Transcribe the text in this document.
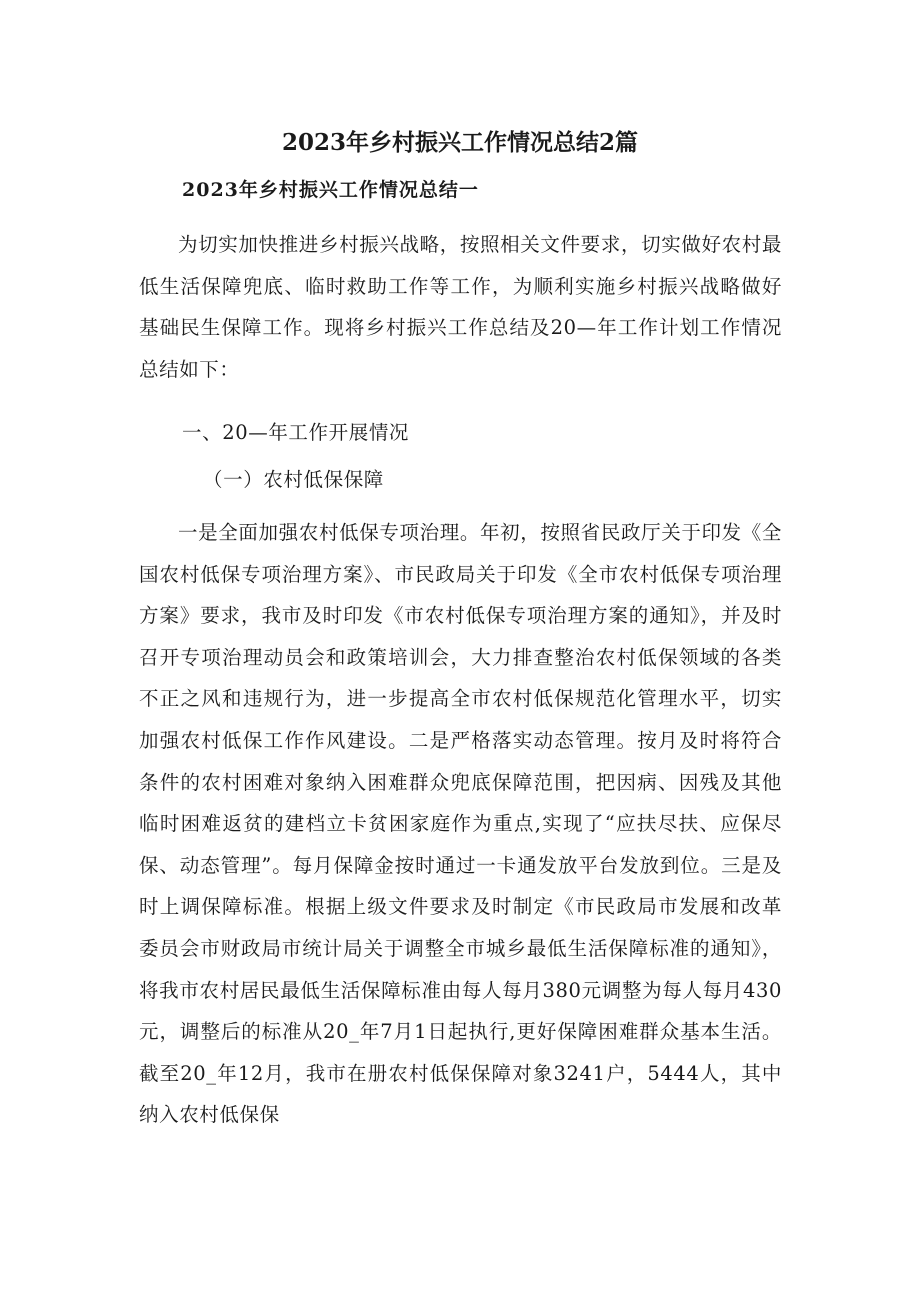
2023年乡村振兴工作情况总结2篇
2023年乡村振兴工作情况总结一

为切实加快推进乡村振兴战略，按照相关文件要求，切实做好农村最低生活保障兜底、临时救助工作等工作，为顺利实施乡村振兴战略做好基础民生保障工作。现将乡村振兴工作总结及20—年工作计划工作情况总结如下：

一、20—年工作开展情况
（一）农村低保保障

一是全面加强农村低保专项治理。年初，按照省民政厅关于印发《全国农村低保专项治理方案》、市民政局关于印发《全市农村低保专项治理方案》要求，我市及时印发《市农村低保专项治理方案的通知》，并及时召开专项治理动员会和政策培训会，大力排查整治农村低保领域的各类不正之风和违规行为，进一步提高全市农村低保规范化管理水平，切实加强农村低保工作作风建设。二是严格落实动态管理。按月及时将符合条件的农村困难对象纳入困难群众兜底保障范围，把因病、因残及其他临时困难返贫的建档立卡贫困家庭作为重点,实现了“应扶尽扶、应保尽保、动态管理”。每月保障金按时通过一卡通发放平台发放到位。三是及时上调保障标准。根据上级文件要求及时制定《市民政局市发展和改革委员会市财政局市统计局关于调整全市城乡最低生活保障标准的通知》，将我市农村居民最低生活保障标准由每人每月380元调整为每人每月430元，调整后的标准从20_年7月1日起执行,更好保障困难群众基本生活。截至20_年12月，我市在册农村低保保障对象3241户，5444人，其中纳入农村低保保
